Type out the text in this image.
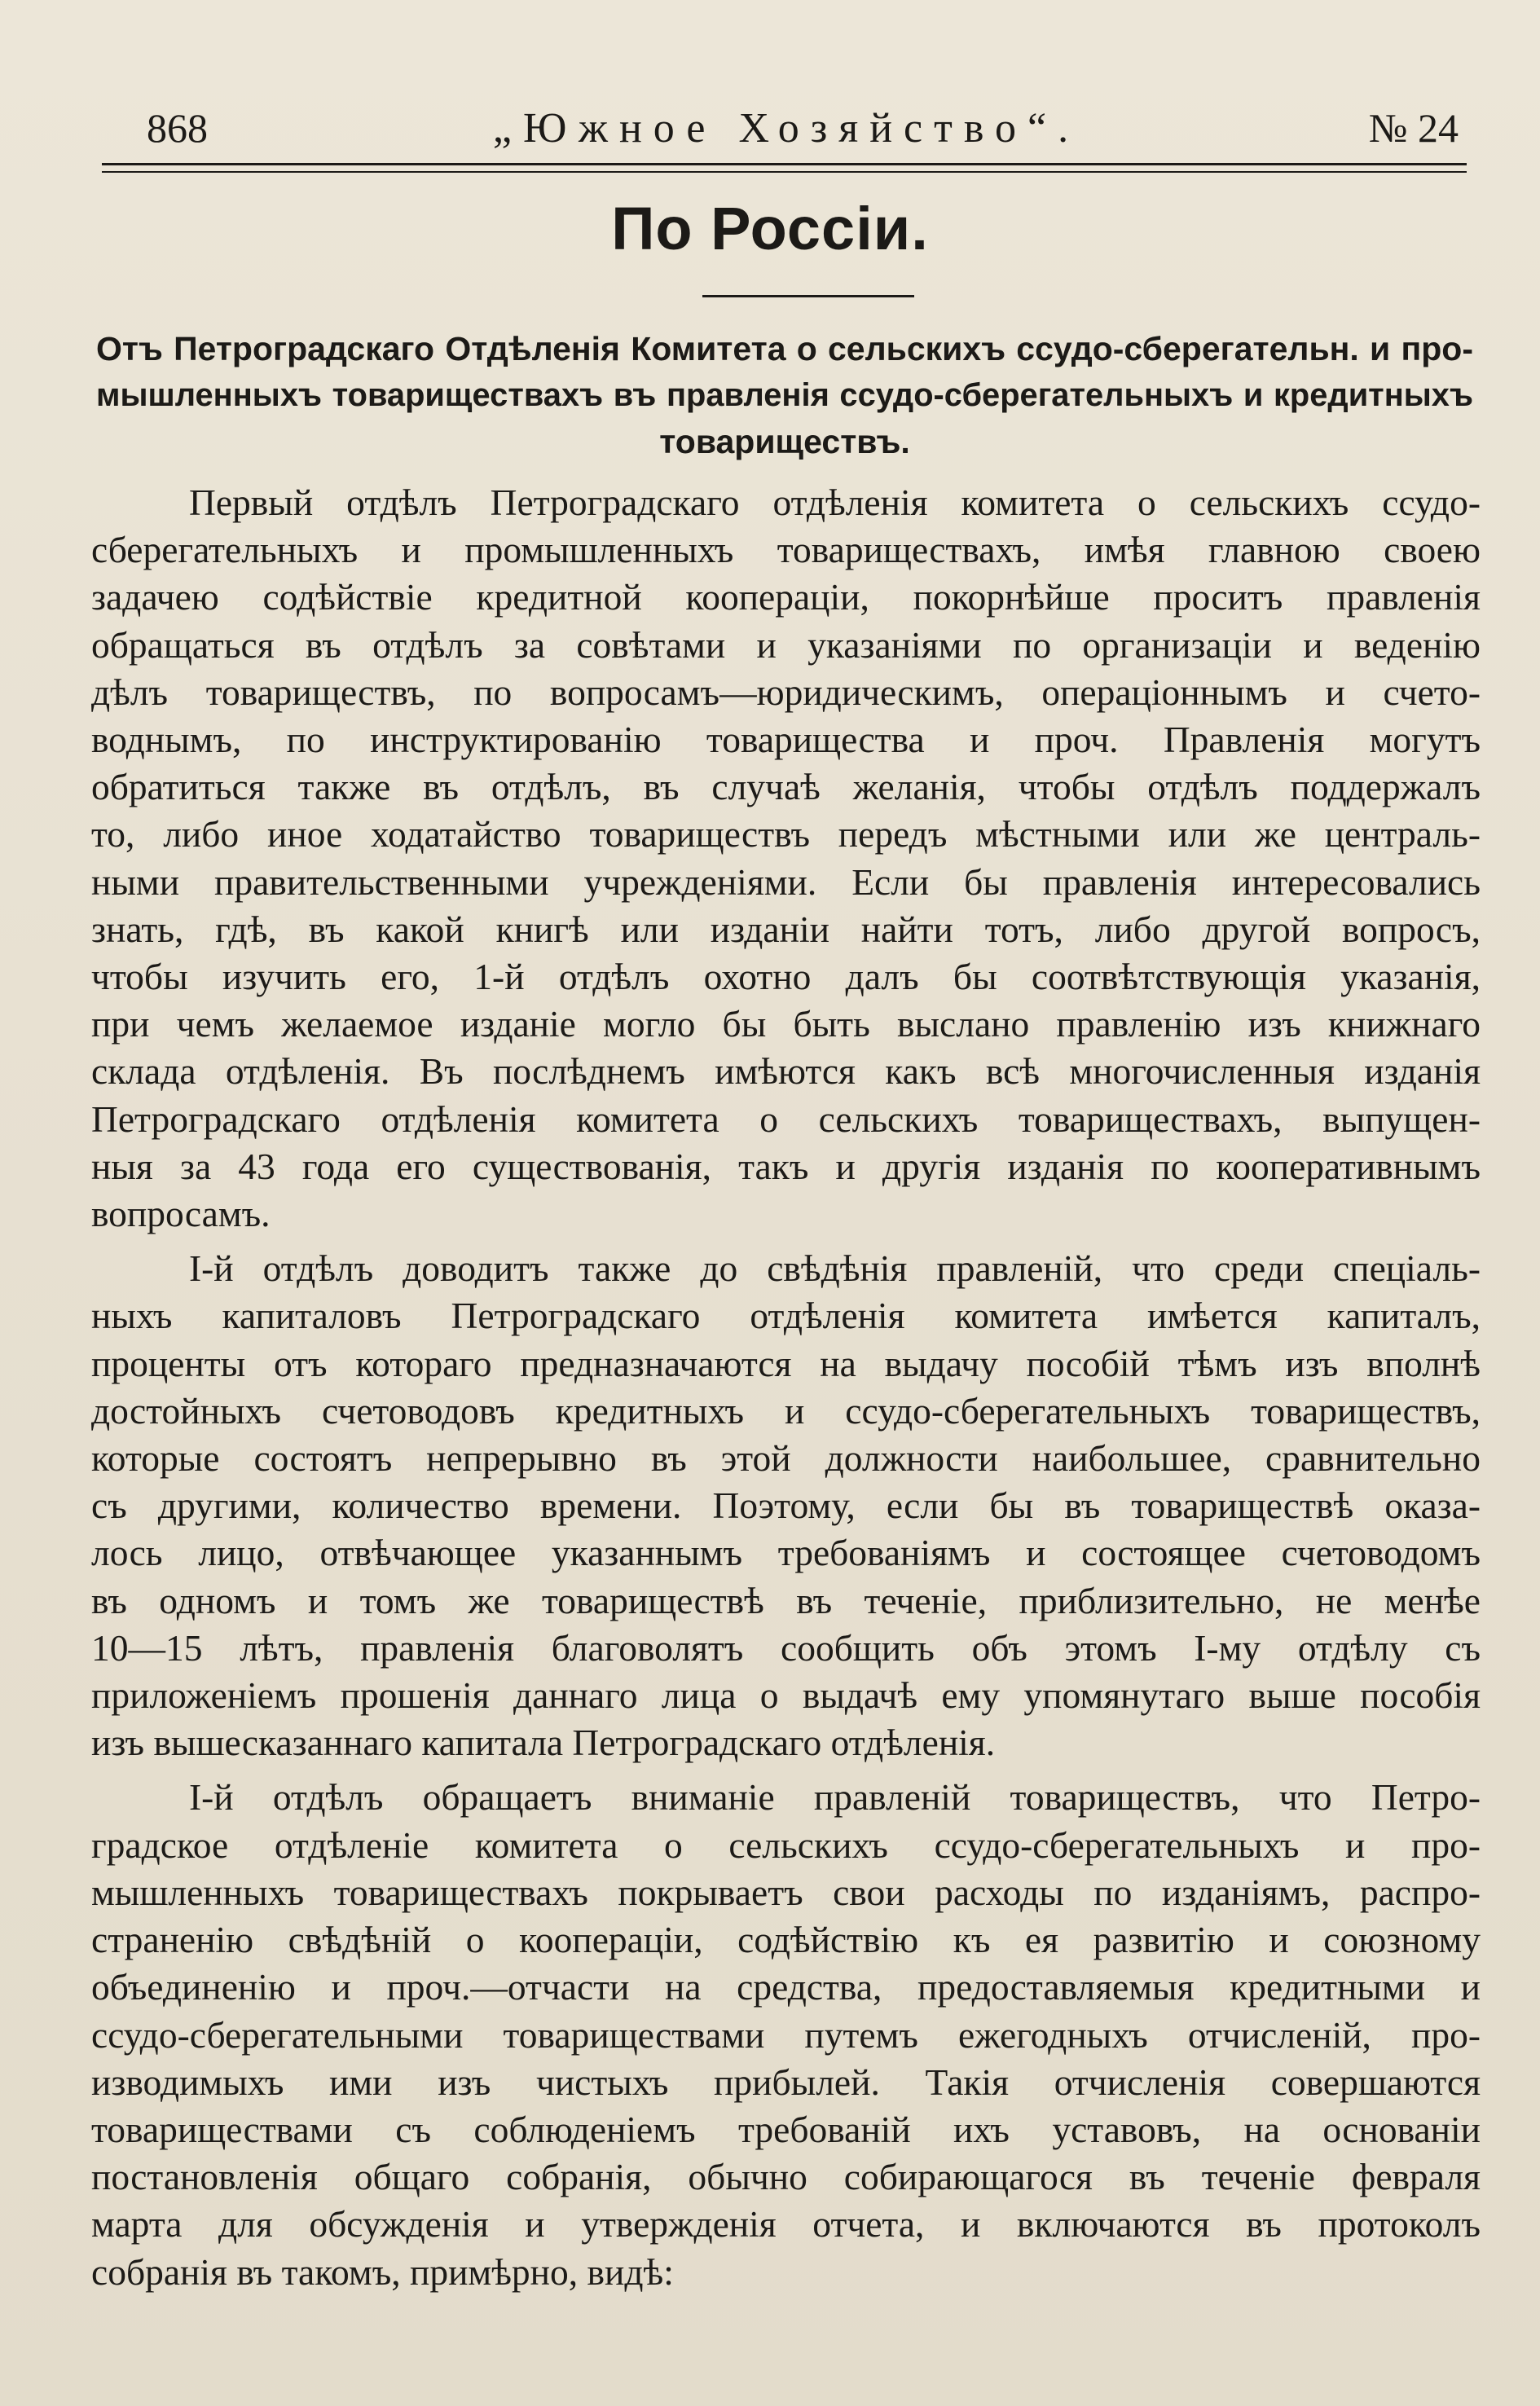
868	„Южное Хозяйство“.	№ 24
По Россіи.
Отъ Петроградскаго Отдѣленія Комитета о сельскихъ ссудо-сберегательн. и про-
мышленныхъ товариществахъ въ правленія ссудо-сберегательныхъ и кредитныхъ
товариществъ.
Первый отдѣлъ Петроградскаго отдѣленія комитета о сельскихъ ссудо-
сберегательныхъ и промышленныхъ товариществахъ, имѣя главною своею
задачею содѣйствіе кредитной коопераціи, покорнѣйше проситъ правленія
обращаться въ отдѣлъ за совѣтами и указаніями по организаціи и веденію
дѣлъ товариществъ, по вопросамъ—юридическимъ, операціоннымъ и счето-
воднымъ, по инструктированію товарищества и проч. Правленія могутъ
обратиться также въ отдѣлъ, въ случаѣ желанія, чтобы отдѣлъ поддержалъ
то, либо иное ходатайство товариществъ передъ мѣстными или же централь-
ными правительственными учрежденіями. Если бы правленія интересовались
знать, гдѣ, въ какой книгѣ или изданіи найти тотъ, либо другой вопросъ,
чтобы изучить его, 1-й отдѣлъ охотно далъ бы соотвѣтствующія указанія,
при чемъ желаемое изданіе могло бы быть выслано правленію изъ книжнаго
склада отдѣленія. Въ послѣднемъ имѣются какъ всѣ многочисленныя изданія
Петроградскаго отдѣленія комитета о сельскихъ товариществахъ, выпущен-
ныя за 43 года его существованія, такъ и другія изданія по кооперативнымъ
вопросамъ.
І-й отдѣлъ доводитъ также до свѣдѣнія правленій, что среди спеціаль-
ныхъ капиталовъ Петроградскаго отдѣленія комитета имѣется капиталъ,
проценты отъ котораго предназначаются на выдачу пособій тѣмъ изъ вполнѣ
достойныхъ счетоводовъ кредитныхъ и ссудо-сберегательныхъ товариществъ,
которые состоятъ непрерывно въ этой должности наибольшее, сравнительно
съ другими, количество времени. Поэтому, если бы въ товариществѣ оказа-
лось лицо, отвѣчающее указаннымъ требованіямъ и состоящее счетоводомъ
въ одномъ и томъ же товариществѣ въ теченіе, приблизительно, не менѣе
10—15 лѣтъ, правленія благоволятъ сообщить объ этомъ І-му отдѣлу съ
приложеніемъ прошенія даннаго лица о выдачѣ ему упомянутаго выше пособія
изъ вышесказаннаго капитала Петроградскаго отдѣленія.
І-й отдѣлъ обращаетъ вниманіе правленій товариществъ, что Петро-
градское отдѣленіе комитета о сельскихъ ссудо-сберегательныхъ и про-
мышленныхъ товариществахъ покрываетъ свои расходы по изданіямъ, распро-
страненію свѣдѣній о коопераціи, содѣйствію къ ея развитію и союзному
объединенію и проч.—отчасти на средства, предоставляемыя кредитными и
ссудо-сберегательными товариществами путемъ ежегодныхъ отчисленій, про-
изводимыхъ ими изъ чистыхъ прибылей. Такія отчисленія совершаются
товариществами съ соблюденіемъ требованій ихъ уставовъ, на основаніи
постановленія общаго собранія, обычно собирающагося въ теченіе февраля
марта для обсужденія и утвержденія отчета, и включаются въ протоколъ
собранія въ такомъ, примѣрно, видѣ:
